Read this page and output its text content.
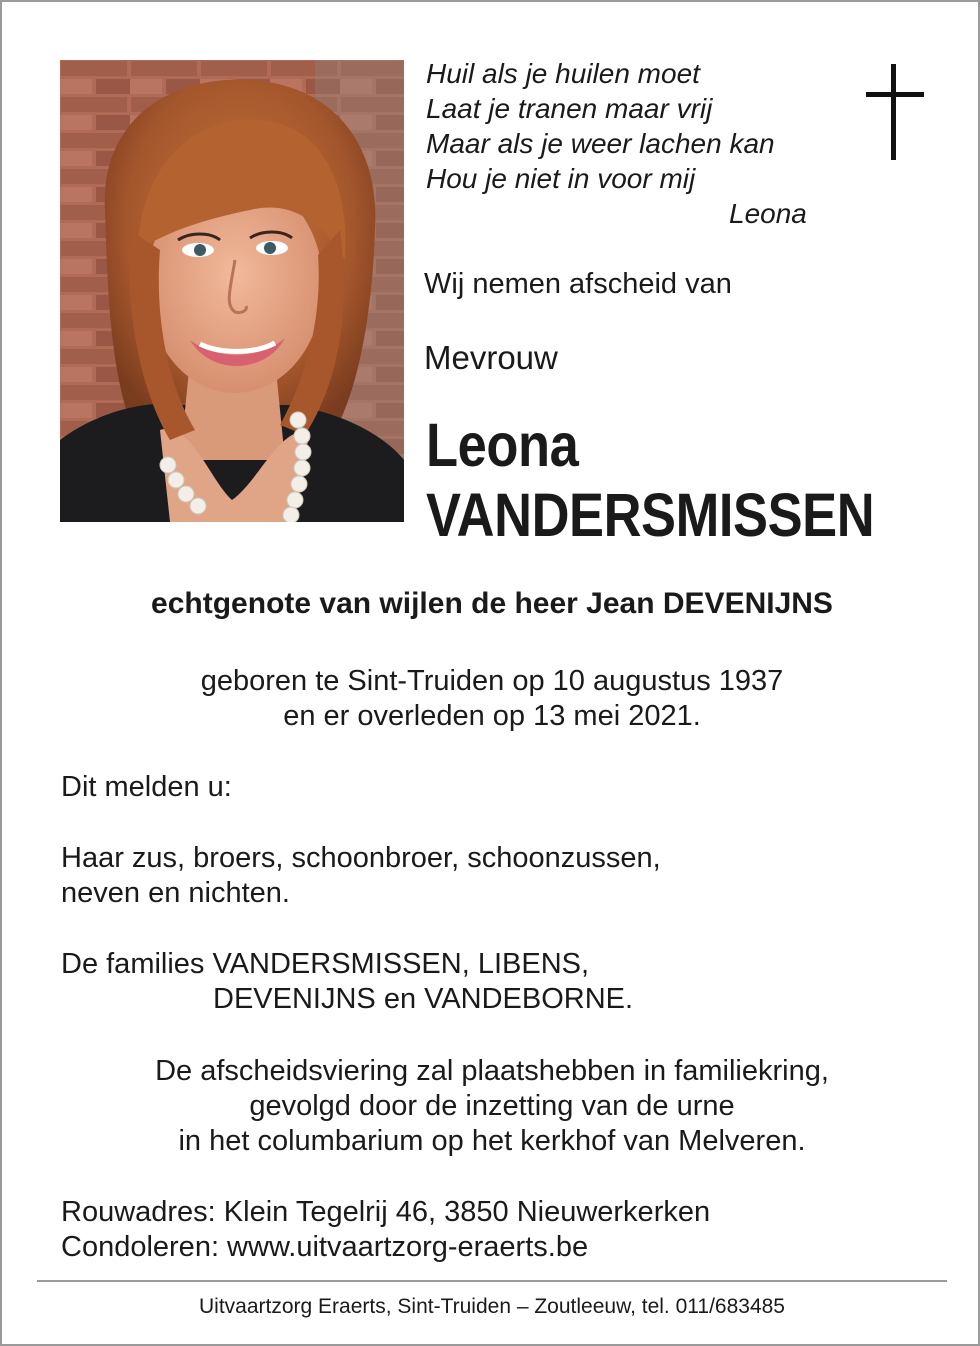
Huil als je huilen moet
Laat je tranen maar vrij
Maar als je weer lachen kan
Hou je niet in voor mij
Leona
Wij nemen afscheid van
Mevrouw
Leona
VANDERSMISSEN
echtgenote van wijlen de heer Jean DEVENIJNS
geboren te Sint-Truiden op 10 augustus 1937
en er overleden op 13 mei 2021.
Dit melden u:
Haar zus, broers, schoonbroer, schoonzussen,
neven en nichten.
De families VANDERSMISSEN, LIBENS,
DEVENIJNS en VANDEBORNE.
De afscheidsviering zal plaatshebben in familiekring,
gevolgd door de inzetting van de urne
in het columbarium op het kerkhof van Melveren.
Rouwadres: Klein Tegelrij 46, 3850 Nieuwerkerken
Condoleren: www.uitvaartzorg-eraerts.be
Uitvaartzorg Eraerts, Sint-Truiden – Zoutleeuw, tel. 011/683485
